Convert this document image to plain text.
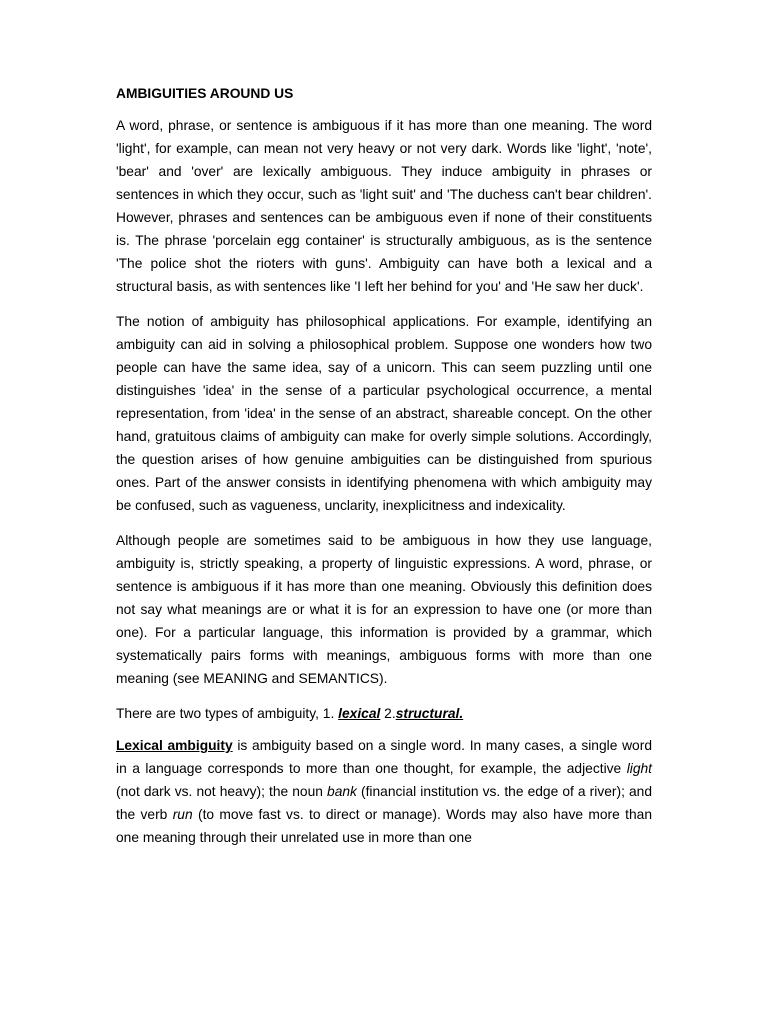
AMBIGUITIES AROUND US

A word, phrase, or sentence is ambiguous if it has more than one meaning. The word 'light', for example, can mean not very heavy or not very dark. Words like 'light', 'note', 'bear' and 'over' are lexically ambiguous. They induce ambiguity in phrases or sentences in which they occur, such as 'light suit' and 'The duchess can't bear children'. However, phrases and sentences can be ambiguous even if none of their constituents is. The phrase 'porcelain egg container' is structurally ambiguous, as is the sentence 'The police shot the rioters with guns'. Ambiguity can have both a lexical and a structural basis, as with sentences like 'I left her behind for you' and 'He saw her duck'.

The notion of ambiguity has philosophical applications. For example, identifying an ambiguity can aid in solving a philosophical problem. Suppose one wonders how two people can have the same idea, say of a unicorn. This can seem puzzling until one distinguishes 'idea' in the sense of a particular psychological occurrence, a mental representation, from 'idea' in the sense of an abstract, shareable concept. On the other hand, gratuitous claims of ambiguity can make for overly simple solutions. Accordingly, the question arises of how genuine ambiguities can be distinguished from spurious ones. Part of the answer consists in identifying phenomena with which ambiguity may be confused, such as vagueness, unclarity, inexplicitness and indexicality.

Although people are sometimes said to be ambiguous in how they use language, ambiguity is, strictly speaking, a property of linguistic expressions. A word, phrase, or sentence is ambiguous if it has more than one meaning. Obviously this definition does not say what meanings are or what it is for an expression to have one (or more than one). For a particular language, this information is provided by a grammar, which systematically pairs forms with meanings, ambiguous forms with more than one meaning (see MEANING and SEMANTICS).

There are two types of ambiguity, 1. lexical 2.structural.

Lexical ambiguity is ambiguity based on a single word. In many cases, a single word in a language corresponds to more than one thought, for example, the adjective light (not dark vs. not heavy); the noun bank (financial institution vs. the edge of a river); and the verb run (to move fast vs. to direct or manage). Words may also have more than one meaning through their unrelated use in more than one
